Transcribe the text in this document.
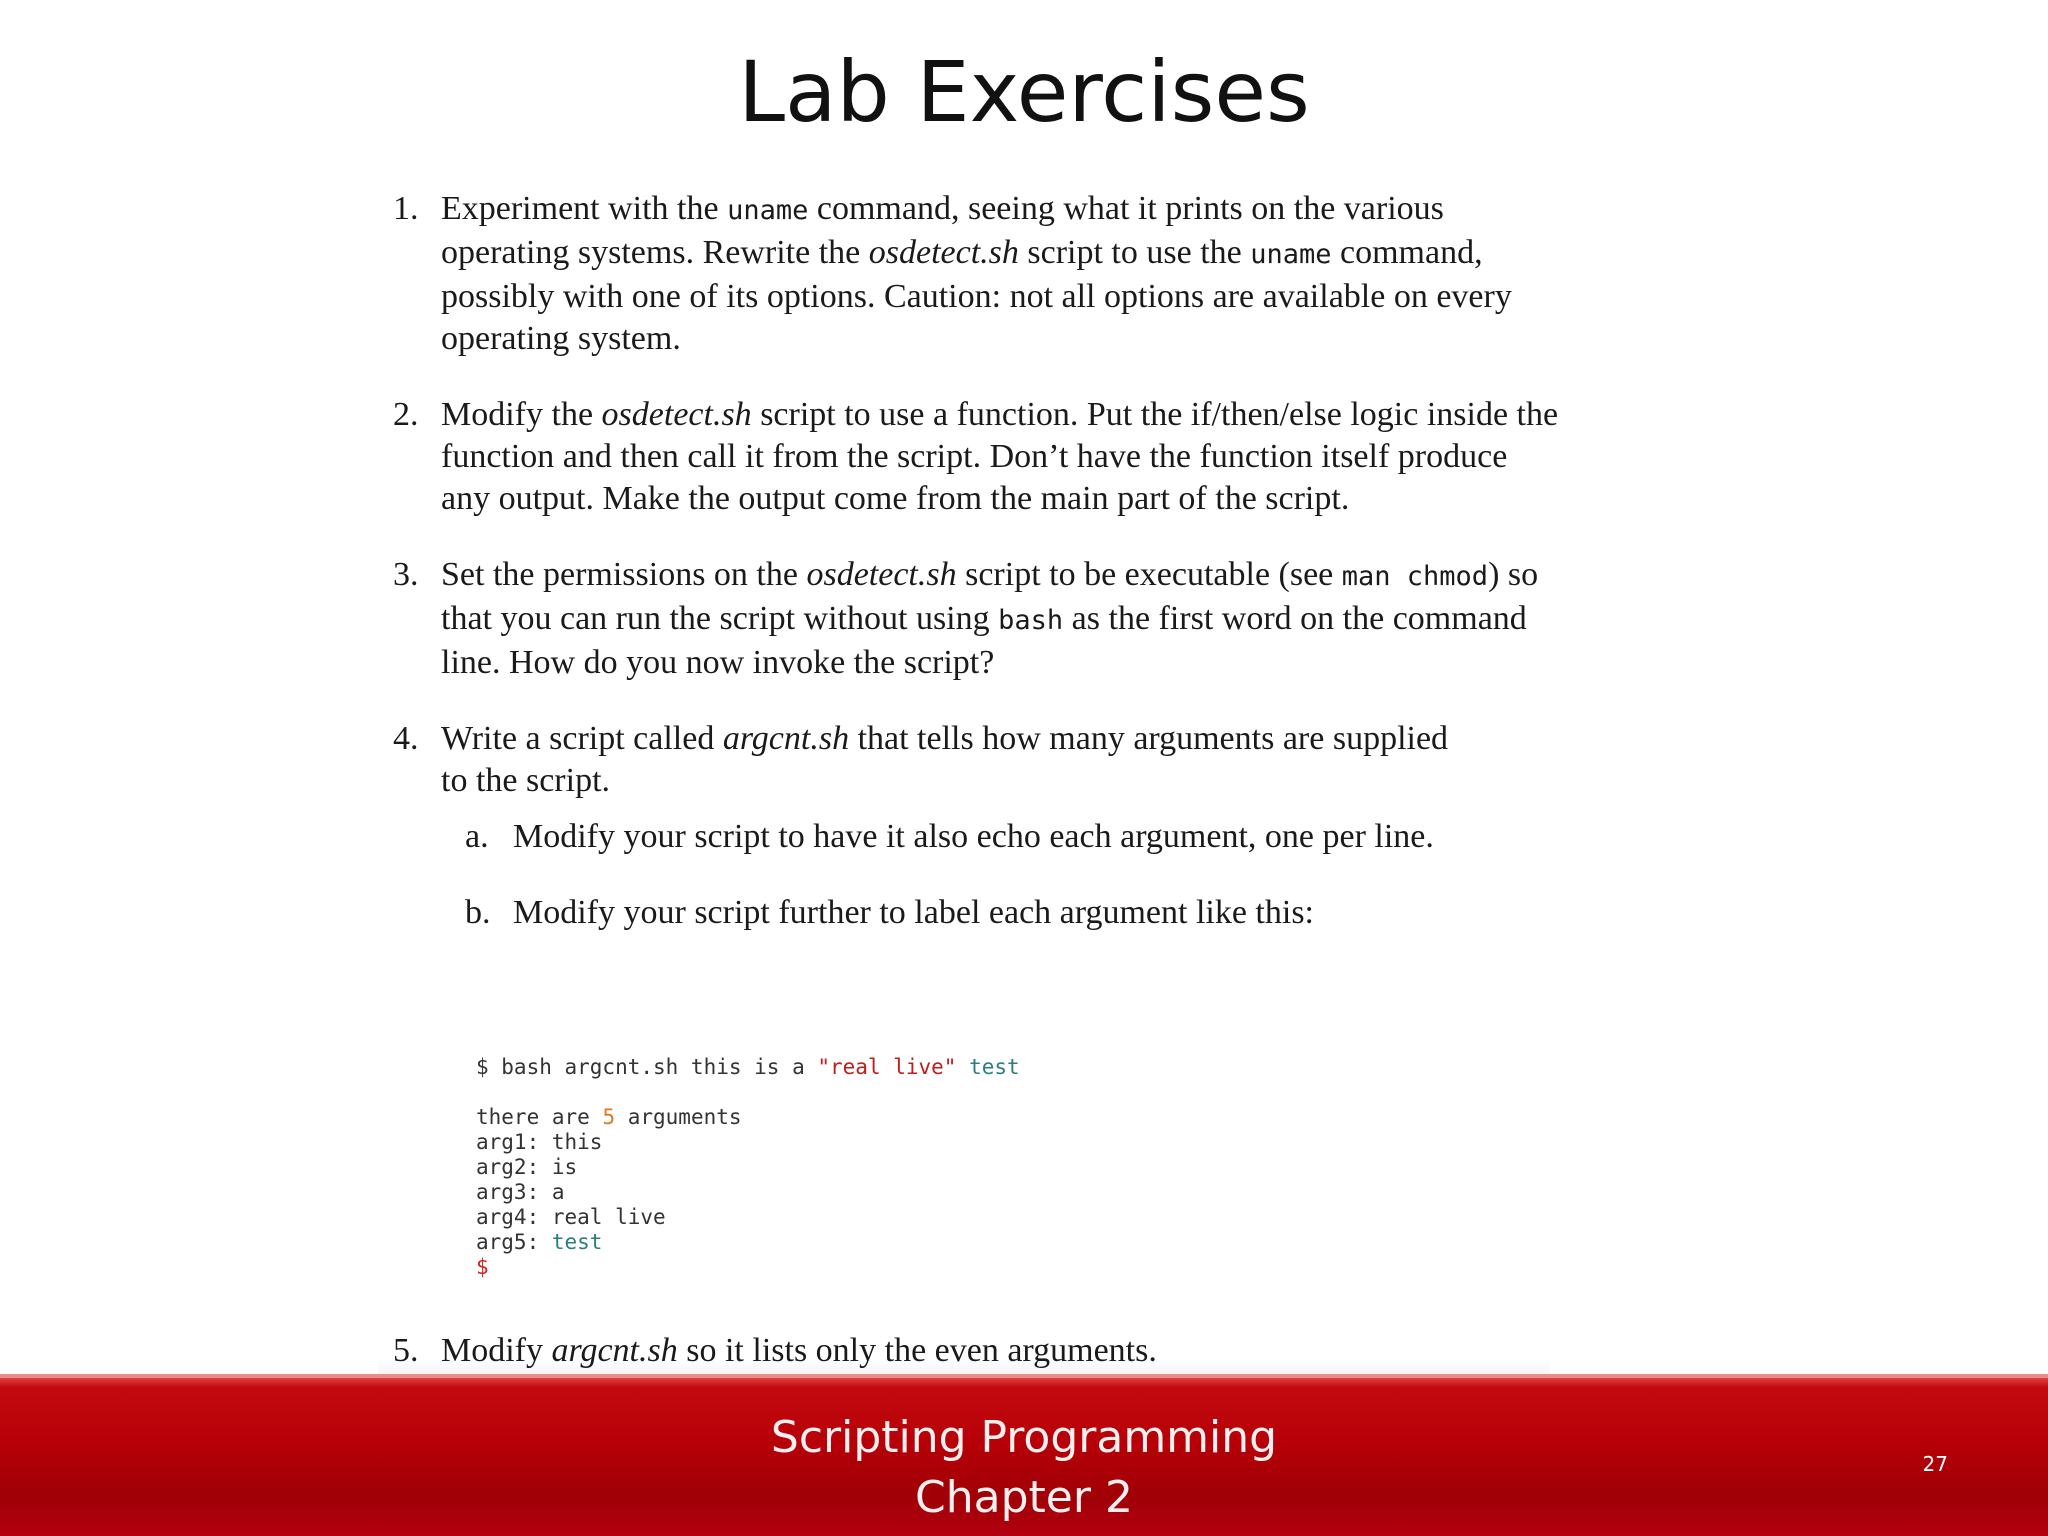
Lab Exercises
1. Experiment with the uname command, seeing what it prints on the various operating systems. Rewrite the osdetect.sh script to use the uname command, possibly with one of its options. Caution: not all options are available on every operating system.
2. Modify the osdetect.sh script to use a function. Put the if/then/else logic inside the function and then call it from the script. Don’t have the function itself produce any output. Make the output come from the main part of the script.
3. Set the permissions on the osdetect.sh script to be executable (see man chmod) so that you can run the script without using bash as the first word on the command line. How do you now invoke the script?
4. Write a script called argcnt.sh that tells how many arguments are supplied to the script.
a. Modify your script to have it also echo each argument, one per line.
b. Modify your script further to label each argument like this:
$ bash argcnt.sh this is a "real live" test

there are 5 arguments
arg1: this
arg2: is
arg3: a
arg4: real live
arg5: test
$
5. Modify argcnt.sh so it lists only the even arguments.
Scripting Programming
Chapter 2
27
